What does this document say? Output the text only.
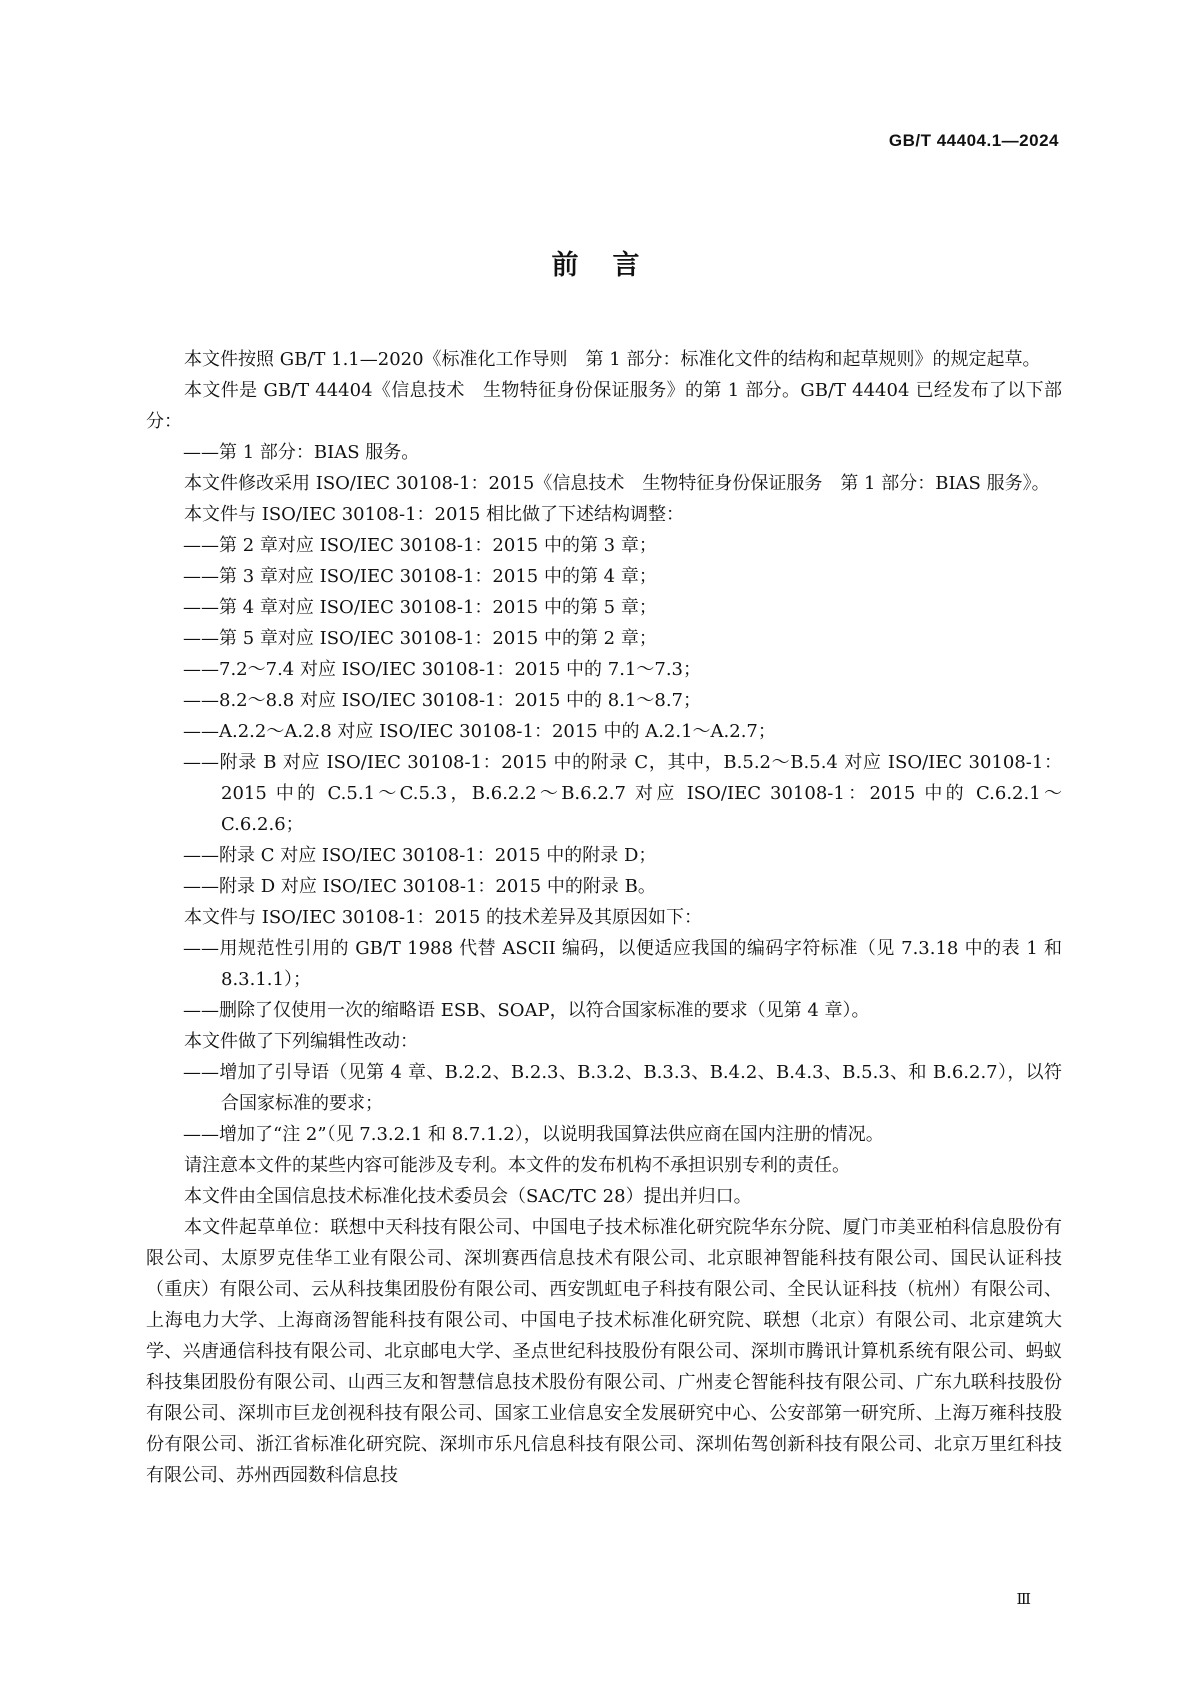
GB/T 44404.1—2024
前言

本文件按照 GB/T 1.1—2020《标准化工作导则　第 1 部分：标准化文件的结构和起草规则》的规定起草。

本文件是 GB/T 44404《信息技术　生物特征身份保证服务》的第 1 部分。GB/T 44404 已经发布了以下部分：

——第 1 部分：BIAS 服务。

本文件修改采用 ISO/IEC 30108-1：2015《信息技术　生物特征身份保证服务　第 1 部分：BIAS 服务》。

本文件与 ISO/IEC 30108-1：2015 相比做了下述结构调整：

——第 2 章对应 ISO/IEC 30108-1：2015 中的第 3 章；

——第 3 章对应 ISO/IEC 30108-1：2015 中的第 4 章；

——第 4 章对应 ISO/IEC 30108-1：2015 中的第 5 章；

——第 5 章对应 ISO/IEC 30108-1：2015 中的第 2 章；

——7.2～7.4 对应 ISO/IEC 30108-1：2015 中的 7.1～7.3；

——8.2～8.8 对应 ISO/IEC 30108-1：2015 中的 8.1～8.7；

——A.2.2～A.2.8 对应 ISO/IEC 30108-1：2015 中的 A.2.1～A.2.7；

——附录 B 对应 ISO/IEC 30108-1：2015 中的附录 C，其中，B.5.2～B.5.4 对应 ISO/IEC 30108-1：2015 中的 C.5.1～C.5.3，B.6.2.2～B.6.2.7 对应 ISO/IEC 30108-1：2015 中的 C.6.2.1～C.6.2.6；

——附录 C 对应 ISO/IEC 30108-1：2015 中的附录 D；

——附录 D 对应 ISO/IEC 30108-1：2015 中的附录 B。

本文件与 ISO/IEC 30108-1：2015 的技术差异及其原因如下：

——用规范性引用的 GB/T 1988 代替 ASCII 编码，以便适应我国的编码字符标准（见 7.3.18 中的表 1 和 8.3.1.1）；

——删除了仅使用一次的缩略语 ESB、SOAP，以符合国家标准的要求（见第 4 章）。

本文件做了下列编辑性改动：

——增加了引导语（见第 4 章、B.2.2、B.2.3、B.3.2、B.3.3、B.4.2、B.4.3、B.5.3、和 B.6.2.7），以符合国家标准的要求；

——增加了“注 2”（见 7.3.2.1 和 8.7.1.2），以说明我国算法供应商在国内注册的情况。

请注意本文件的某些内容可能涉及专利。本文件的发布机构不承担识别专利的责任。

本文件由全国信息技术标准化技术委员会（SAC/TC 28）提出并归口。

本文件起草单位：联想中天科技有限公司、中国电子技术标准化研究院华东分院、厦门市美亚柏科信息股份有限公司、太原罗克佳华工业有限公司、深圳赛西信息技术有限公司、北京眼神智能科技有限公司、国民认证科技（重庆）有限公司、云从科技集团股份有限公司、西安凯虹电子科技有限公司、全民认证科技（杭州）有限公司、上海电力大学、上海商汤智能科技有限公司、中国电子技术标准化研究院、联想（北京）有限公司、北京建筑大学、兴唐通信科技有限公司、北京邮电大学、圣点世纪科技股份有限公司、深圳市腾讯计算机系统有限公司、蚂蚁科技集团股份有限公司、山西三友和智慧信息技术股份有限公司、广州麦仑智能科技有限公司、广东九联科技股份有限公司、深圳市巨龙创视科技有限公司、国家工业信息安全发展研究中心、公安部第一研究所、上海万雍科技股份有限公司、浙江省标准化研究院、深圳市乐凡信息科技有限公司、深圳佑驾创新科技有限公司、北京万里红科技有限公司、苏州西园数科信息技

Ⅲ
